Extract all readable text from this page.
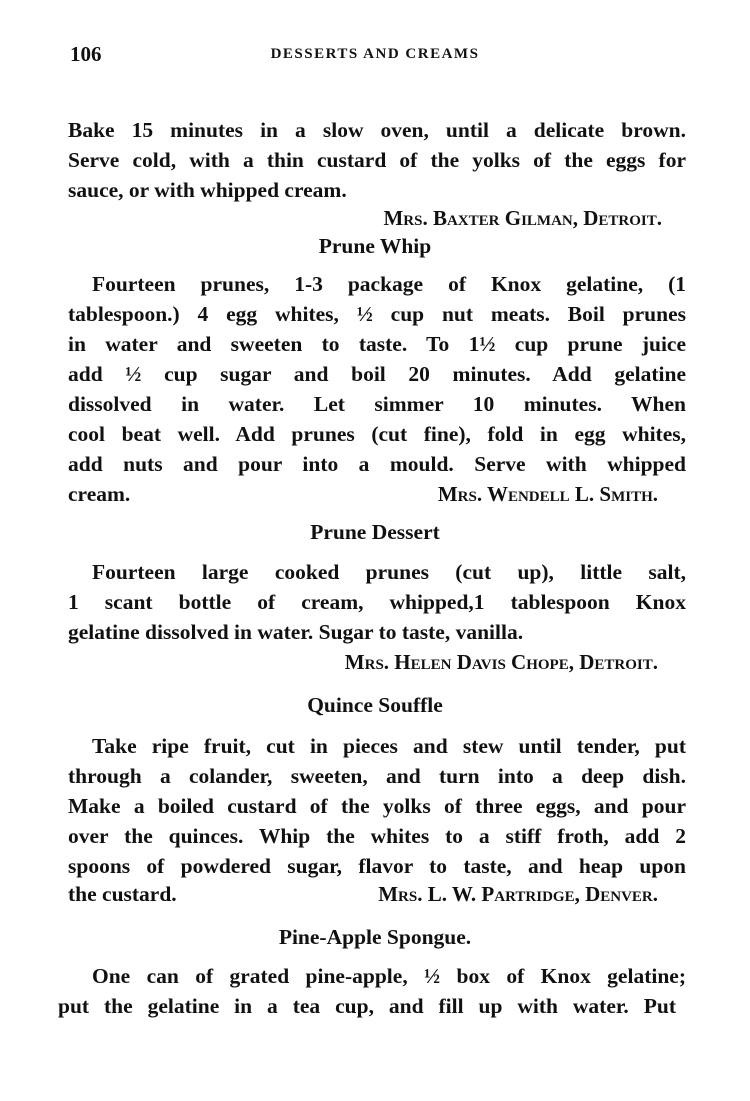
106	DESSERTS AND CREAMS
Bake 15 minutes in a slow oven, until a delicate brown.
Serve cold, with a thin custard of the yolks of the eggs for
sauce, or with whipped cream.
Mrs. Baxter Gilman, Detroit.
Prune Whip
Fourteen prunes, 1-3 package of Knox gelatine, (1
tablespoon.) 4 egg whites, ½ cup nut meats. Boil prunes
in water and sweeten to taste. To 1½ cup prune juice
add ½ cup sugar and boil 20 minutes. Add gelatine
dissolved in water. Let simmer 10 minutes. When
cool beat well. Add prunes (cut fine), fold in egg whites,
add nuts and pour into a mould. Serve with whipped
cream.	Mrs. Wendell L. Smith.
Prune Dessert
Fourteen large cooked prunes (cut up), little salt,
1 scant bottle of cream, whipped,1 tablespoon Knox
gelatine dissolved in water. Sugar to taste, vanilla.
Mrs. Helen Davis Chope, Detroit.
Quince Souffle
Take ripe fruit, cut in pieces and stew until tender, put
through a colander, sweeten, and turn into a deep dish.
Make a boiled custard of the yolks of three eggs, and pour
over the quinces. Whip the whites to a stiff froth, add 2
spoons of powdered sugar, flavor to taste, and heap upon
the custard.	Mrs. L. W. Partridge, Denver.
Pine-Apple Spongue.
One can of grated pine-apple, ½ box of Knox gelatine;
put the gelatine in a tea cup, and fill up with water. Put
